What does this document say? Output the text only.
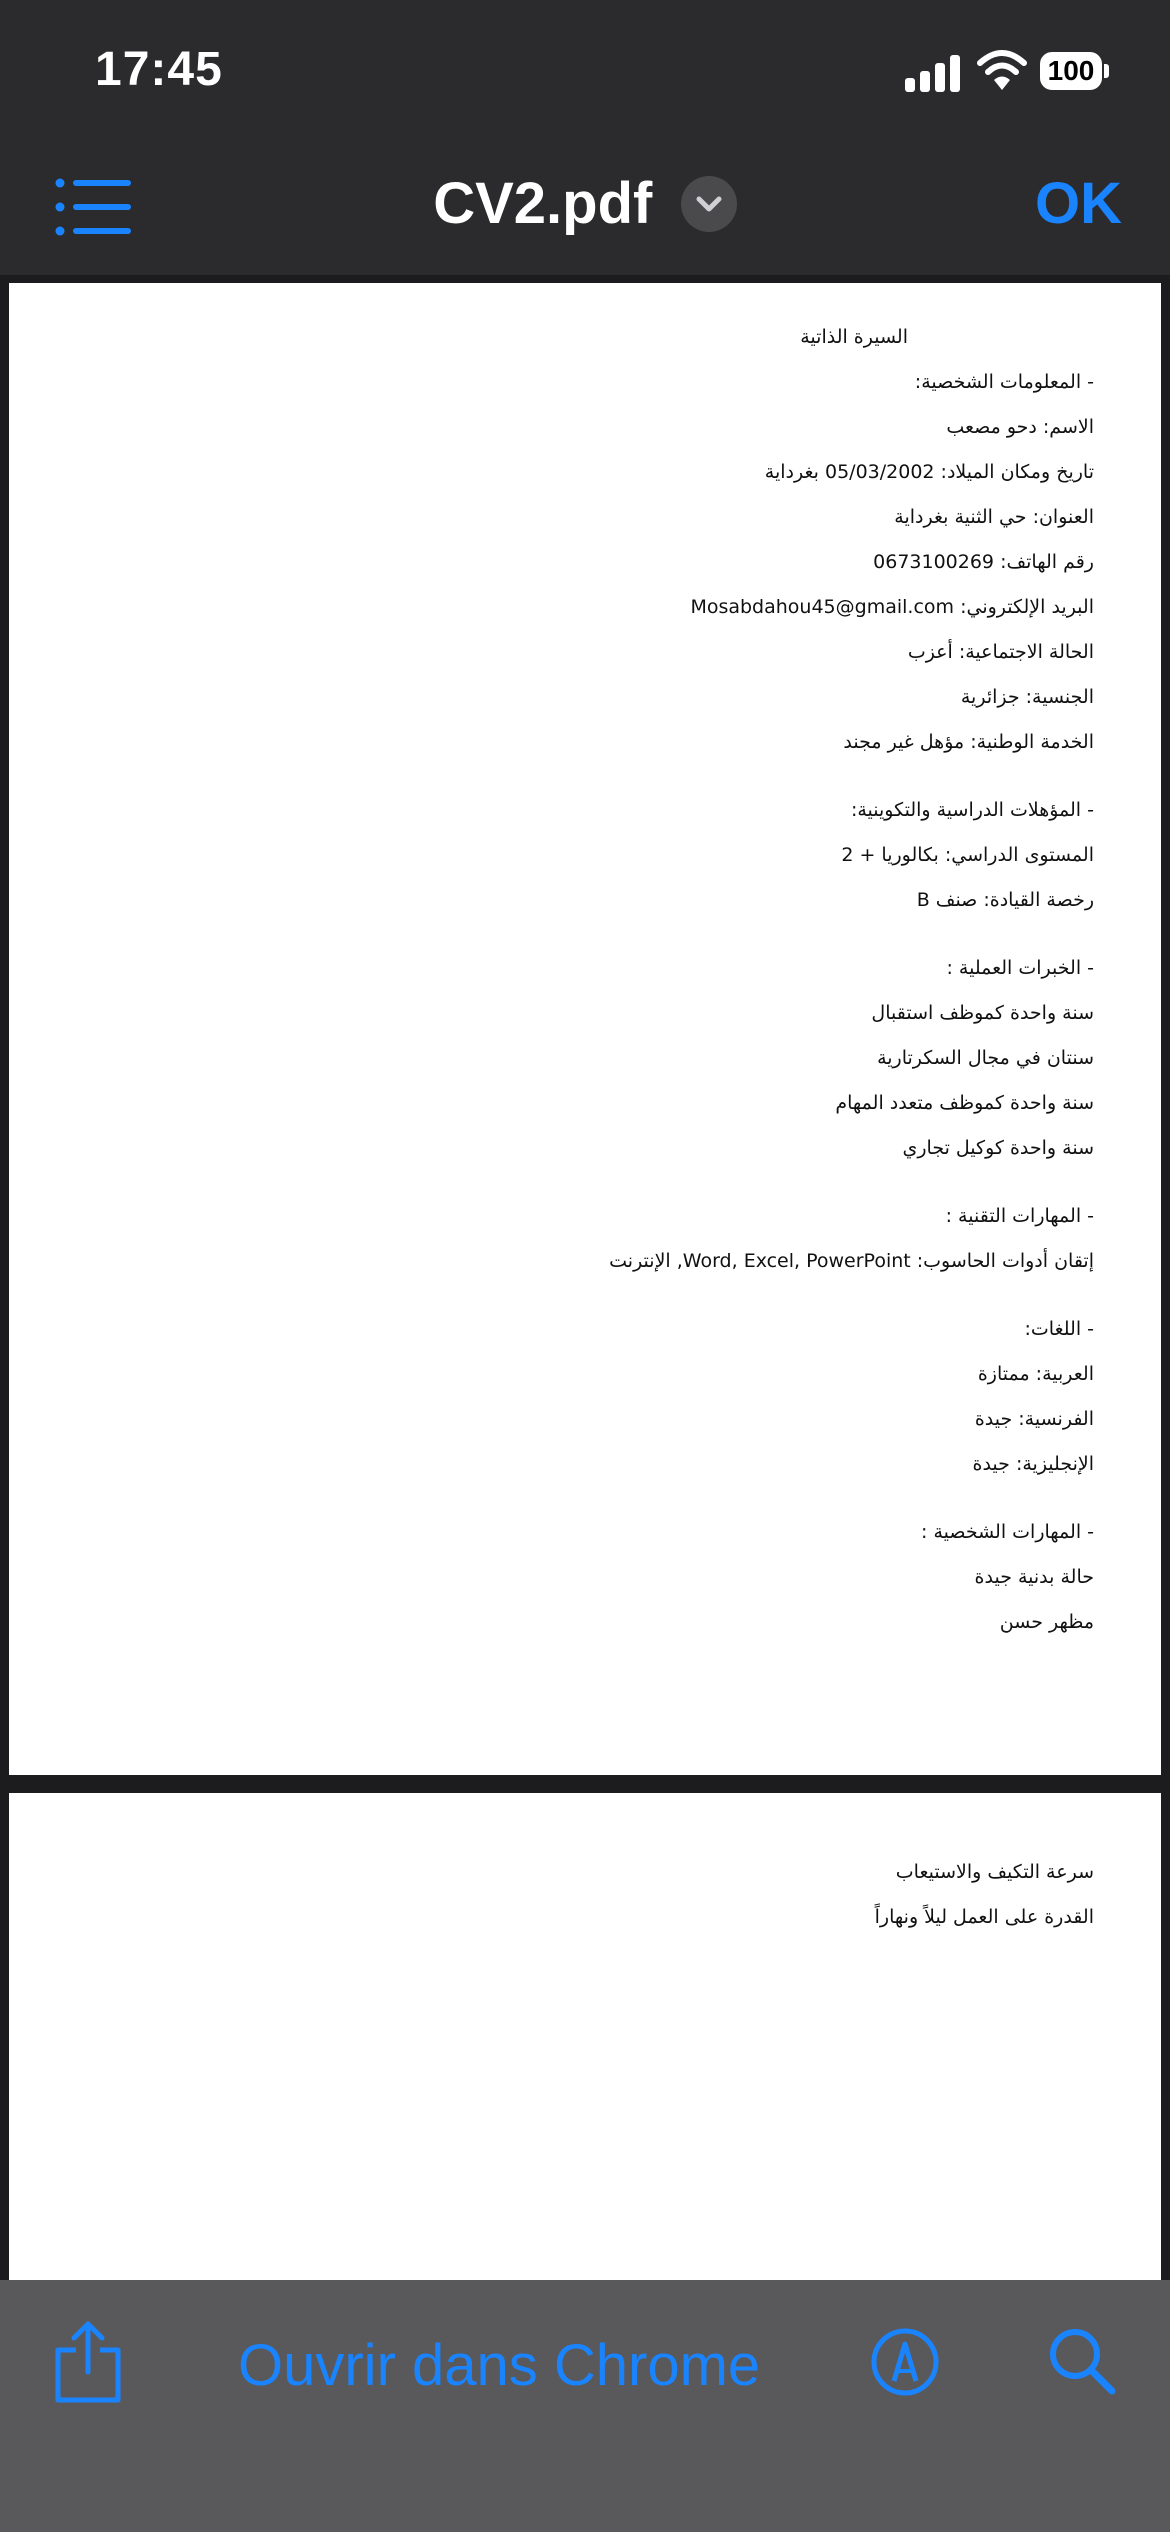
17:45	100
CV2.pdf	OK
السيرة الذاتية
- المعلومات الشخصية:
الاسم: دحو مصعب
تاريخ ومكان الميلاد: 05/03/2002 بغرداية
العنوان: حي الثنية بغرداية
رقم الهاتف: 0673100269
البريد الإلكتروني: Mosabdahou45@gmail.com
الحالة الاجتماعية: أعزب
الجنسية: جزائرية
الخدمة الوطنية: مؤهل غير مجند
- المؤهلات الدراسية والتكوينية:
المستوى الدراسي: بكالوريا + 2
رخصة القيادة: صنف B
- الخبرات العملية :
سنة واحدة كموظف استقبال
سنتان في مجال السكرتارية
سنة واحدة كموظف متعدد المهام
سنة واحدة كوكيل تجاري
- المهارات التقنية :
إتقان أدوات الحاسوب: Word, Excel, PowerPoint, الإنترنت
- اللغات:
العربية: ممتازة
الفرنسية: جيدة
الإنجليزية: جيدة
- المهارات الشخصية :
حالة بدنية جيدة
مظهر حسن
سرعة التكيف والاستيعاب
القدرة على العمل ليلاً ونهاراً
Ouvrir dans Chrome
